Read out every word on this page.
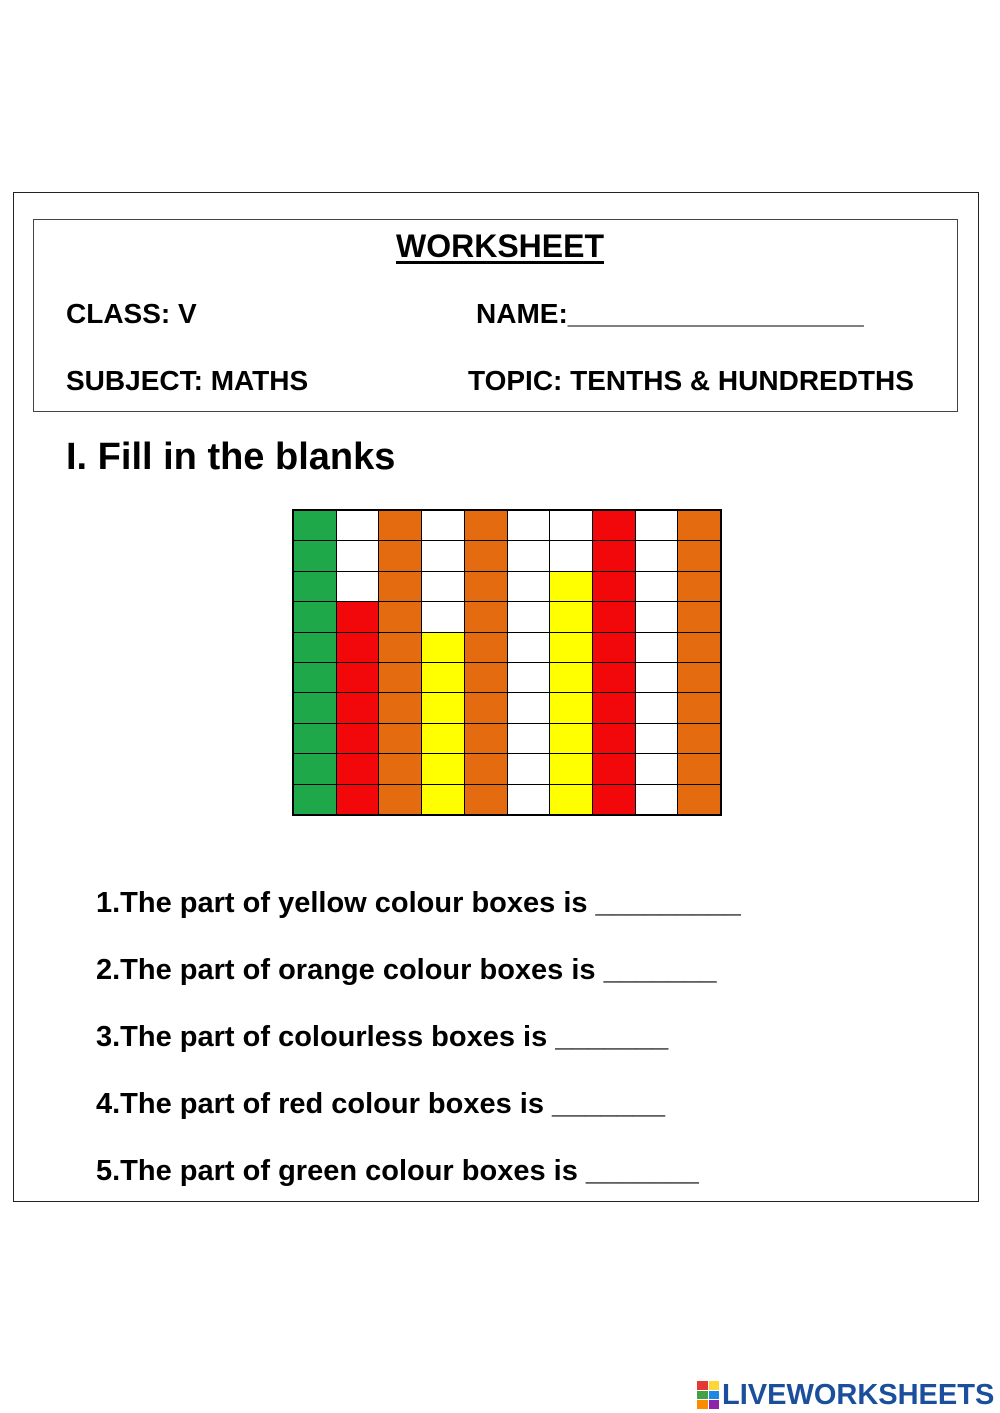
WORKSHEET
CLASS: V	NAME:___________________
SUBJECT: MATHS	TOPIC: TENTHS & HUNDREDTHS
I. Fill in the blanks
1.The part of yellow colour boxes is _________
2.The part of orange colour boxes is _______
3.The part of colourless boxes is _______
4.The part of red colour boxes is _______
5.The part of green colour boxes is _______
LIVEWORKSHEETS
